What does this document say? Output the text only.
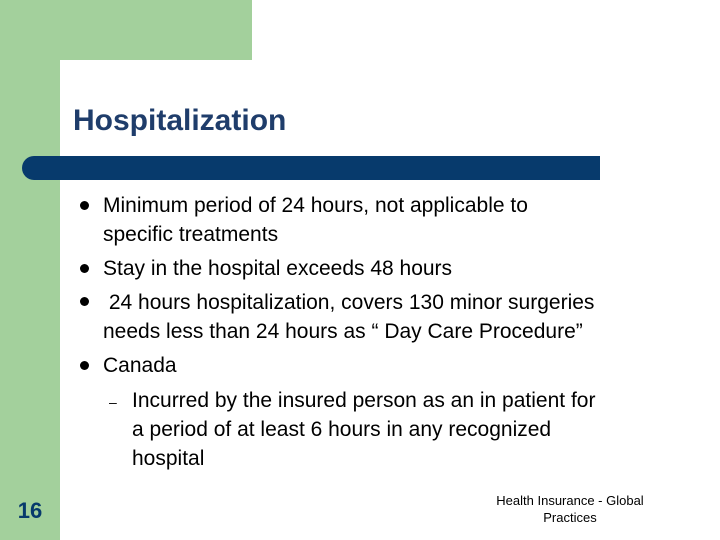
Hospitalization
Minimum period of 24 hours, not applicable to
specific treatments
Stay in the hospital exceeds 48 hours
24 hours hospitalization, covers 130 minor surgeries
needs less than 24 hours as “ Day Care Procedure”
Canada
– Incurred by the insured person as an in patient for
a period of at least 6 hours in any recognized
hospital
16	Health Insurance - Global
Practices
